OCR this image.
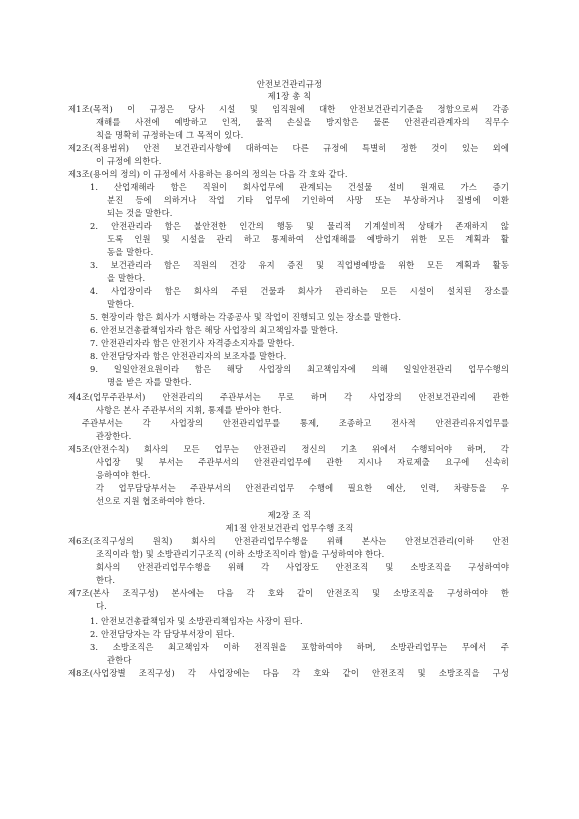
안전보건관리규정
제1장 총 칙
제1조(목적) 이 규정은 당사 시설 및 임직원에 대한 안전보건관리기준을 정함으로써 각종
재해를 사전에 예방하고 인적, 물적 손실을 방지함은 물론 안전관리관계자의 직무수
칙을 명확히 규정하는데 그 목적이 있다.
제2조(적용범위) 안전 보건관리사항에 대하여는 다른 규정에 특별히 정한 것이 있는 외에
이 규정에 의한다.
제3조(용어의 정의) 이 규정에서 사용하는 용어의 정의는 다음 각 호와 같다.
1. 산업재해라 함은 직원이 회사업무에 관계되는 건설물 설비 원재료 가스 증기
분진 등에 의하거나 작업 기타 업무에 기인하여 사망 또는 부상하거나 질병에 이환
되는 것을 말한다.
2. 안전관리라 함은 불안전한 인간의 행동 및 물리적 기계설비적 상태가 존재하지 않
도록 인원 및 시설을 관리 하고 통제하여 산업재해를 예방하기 위한 모든 계획과 활
동을 말한다.
3. 보건관리라 함은 직원의 건강 유지 증진 및 직업병예방을 위한 모든 계획과 활동
을 말한다.
4. 사업장이라 함은 회사의 주된 건물과 회사가 관리하는 모든 시설이 설치된 장소를
말한다.
5. 현장이라 함은 회사가 시행하는 각종공사 및 작업이 진행되고 있는 장소를 말한다.
6. 안전보건총괄책임자라 함은 해당 사업장의 최고책임자를 말한다.
7. 안전관리자라 함은 안전기사 자격증소지자를 말한다.
8. 안전담당자라 함은 안전관리자의 보조자를 말한다.
9. 일일안전요원이라 함은 해당 사업장의 최고책임자에 의해 일일안전관리 업무수행의
명을 받은 자를 말한다.
제4조(업무주관부서) 안전관리의 주관부서는 무로 하며 각 사업장의 안전보건관리에 관한
사항은 본사 주관부서의 지휘, 통제를 받아야 한다.
주관부서는 각 사업장의 안전관리업무를 통제, 조종하고 전사적 안전관리유지업무를
관장한다.
제5조(안전수칙) 회사의 모든 업무는 안전관리 정신의 기초 위에서 수행되어야 하며, 각
사업장 및 부서는 주관부서의 안전관리업무에 관한 지시나 자료제출 요구에 신속히
응하여야 한다.
각 업무담당부서는 주관부서의 안전관리업무 수행에 필요한 예산, 인력, 차량등을 우
선으로 지원 협조하여야 한다.
제2장 조 직
제1절 안전보건관리 업무수행 조직
제6조(조직구성의 원칙) 회사의 안전관리업무수행을 위해 본사는 안전보건관리(이하 안전
조직이라 함) 및 소방관리기구조직 (이하 소방조직이라 함)을 구성하여야 한다.
회사의 안전관리업무수행을 위해 각 사업장도 안전조직 및 소방조직을 구성하여야
한다.
제7조(본사 조직구성) 본사에는 다음 각 호와 같이 안전조직 및 소방조직을 구성하여야 한
다.
1. 안전보건총괄책임자 및 소방관리책임자는 사장이 된다.
2. 안전담당자는 각 담당부서장이 된다.
3. 소방조직은 최고책임자 이하 전직원을 포함하여야 하며, 소방관리업무는 무에서 주
관한다
제8조(사업장별 조직구성) 각 사업장에는 다음 각 호와 같이 안전조직 및 소방조직을 구성
